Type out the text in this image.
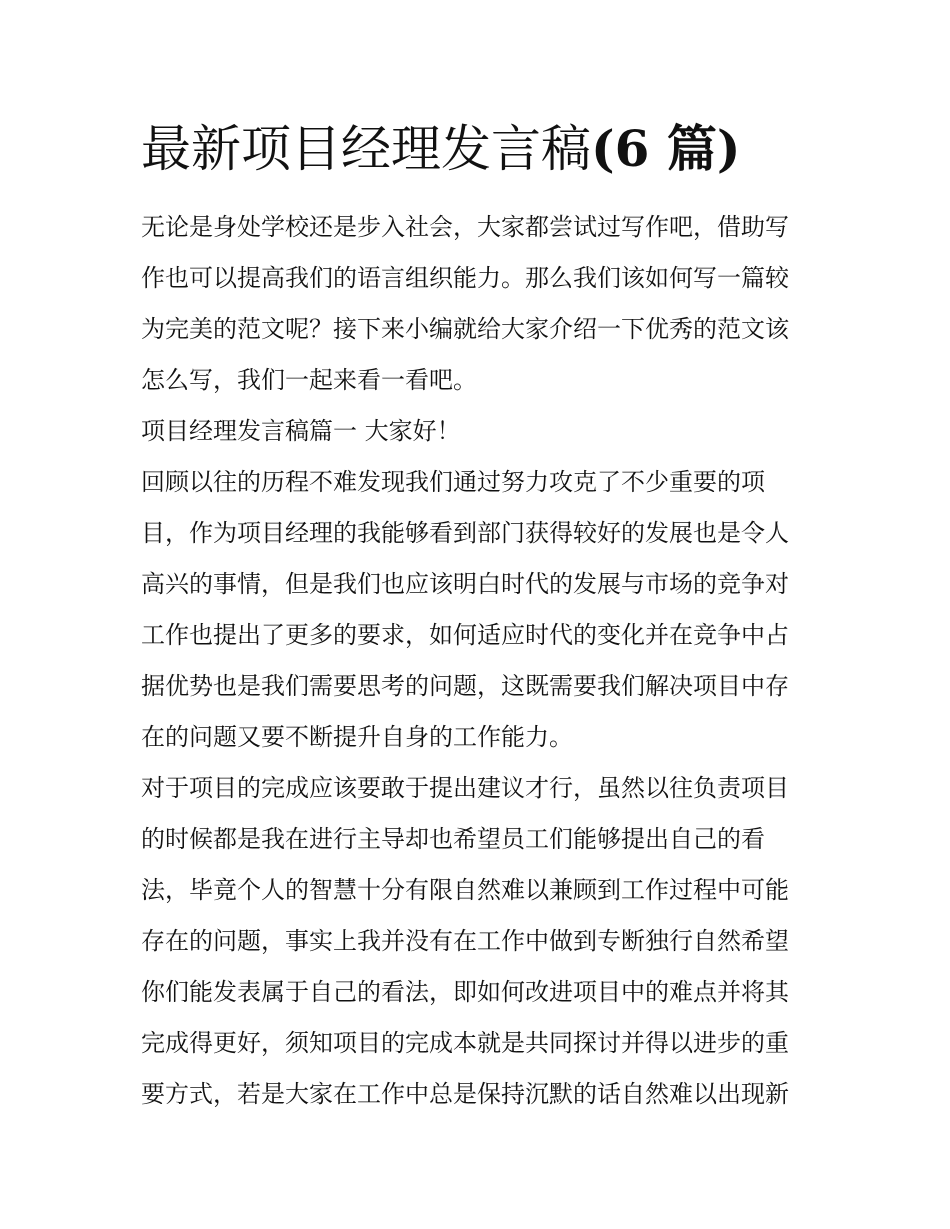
最新项目经理发言稿(6 篇)

无论是身处学校还是步入社会，大家都尝试过写作吧，借助写
作也可以提高我们的语言组织能力。那么我们该如何写一篇较
为完美的范文呢？接下来小编就给大家介绍一下优秀的范文该
怎么写，我们一起来看一看吧。

项目经理发言稿篇一 大家好！

回顾以往的历程不难发现我们通过努力攻克了不少重要的项
目，作为项目经理的我能够看到部门获得较好的发展也是令人
高兴的事情，但是我们也应该明白时代的发展与市场的竞争对
工作也提出了更多的要求，如何适应时代的变化并在竞争中占
据优势也是我们需要思考的问题，这既需要我们解决项目中存
在的问题又要不断提升自身的工作能力。

对于项目的完成应该要敢于提出建议才行，虽然以往负责项目
的时候都是我在进行主导却也希望员工们能够提出自己的看
法，毕竟个人的智慧十分有限自然难以兼顾到工作过程中可能
存在的问题，事实上我并没有在工作中做到专断独行自然希望
你们能发表属于自己的看法，即如何改进项目中的难点并将其
完成得更好，须知项目的完成本就是共同探讨并得以进步的重
要方式，若是大家在工作中总是保持沉默的话自然难以出现新
